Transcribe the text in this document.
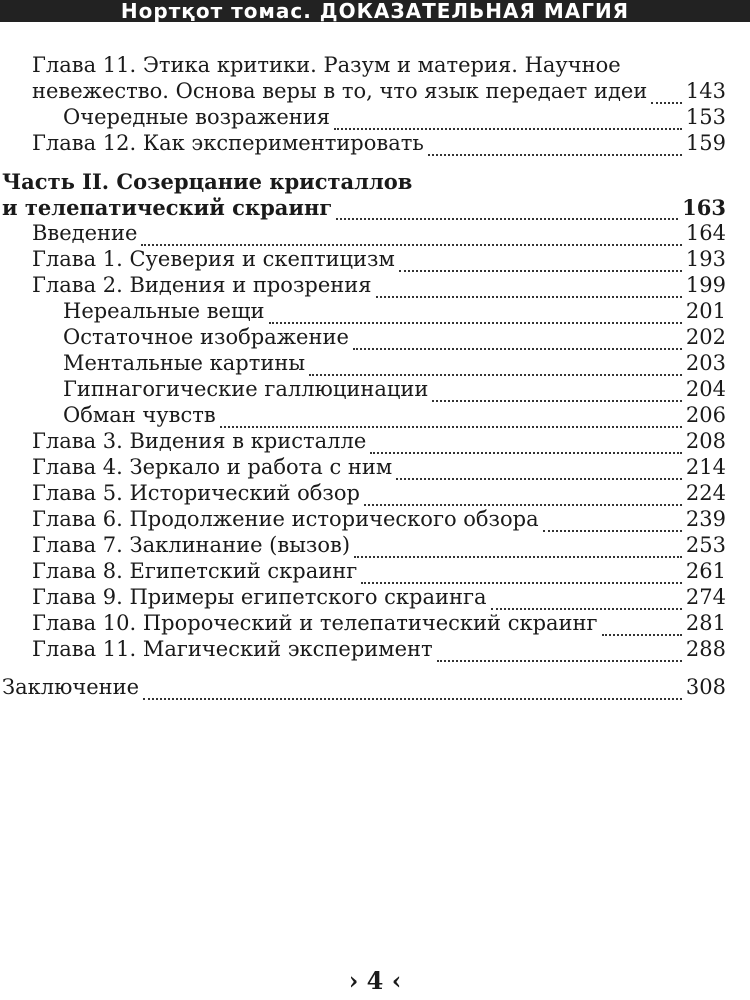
Нортқот томас. ДОКАЗАТЕЛЬНАЯ МАГИЯ
Глава 11. Этика критики. Разум и материя. Научное
невежество. Основа веры в то, что язык передает идеи 143
Очередные возражения	153
Глава 12. Как экспериментировать	159
Часть II. Созерцание кристаллов
и телепатический скраинг	163
Введение	164
Глава 1. Суеверия и скептицизм	193
Глава 2. Видения и прозрения	199
Нереальные вещи	201
Остаточное изображение	202
Ментальные картины	203
Гипнагогические галлюцинации	204
Обман чувств	206
Глава 3. Видения в кристалле	208
Глава 4. Зеркало и работа с ним	214
Глава 5. Исторический обзор	224
Глава 6. Продолжение исторического обзора	239
Глава 7. Заклинание (вызов)	253
Глава 8. Египетский скраинг	261
Глава 9. Примеры египетского скраинга	274
Глава 10. Пророческий и телепатический скраинг	281
Глава 11. Магический эксперимент	288
Заключение	308
› 4 ‹
